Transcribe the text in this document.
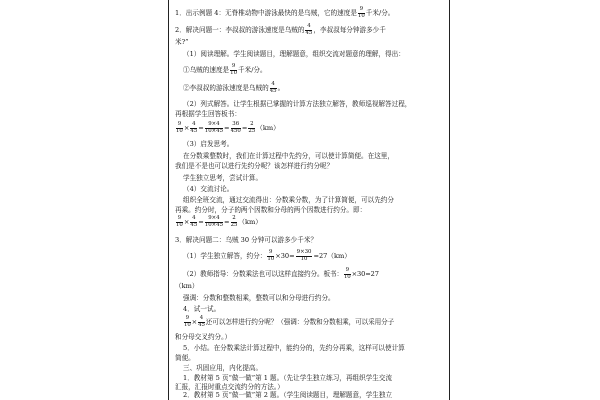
1．出示例题 4：无脊椎动物中游泳最快的是乌贼，它的速度是 $\frac{9}{10}$ 千米/分。
2．解决问题一：李叔叔的游泳速度是乌贼的 $\frac{4}{45}$ ，李叔叔每分钟游多少千
米?”
（1）阅读理解。学生阅读题目，理解题意，组织交流对题意的理解，得出：
①乌贼的速度是 $\frac{9}{10}$ 千米/分。
②李叔叔的游泳速度是乌贼的 $\frac{4}{45}$ 。
（2）列式解答。让学生根据已掌握的计算方法独立解答，教师巡视解答过程，
再根据学生回答板书：
$\frac{9}{10} \times \frac{4}{45} = \frac{9\times 4}{10\times 45} = \frac{36}{450} = \frac{2}{25} (km)$
（3）启发思考。
在分数乘整数时，我们在计算过程中先约分，可以使计算简便。在这里，
我们是不是也可以进行先约分呢？该怎样进行约分呢？
学生独立思考，尝试计算。
（4）交流讨论。
组织全班交流，通过交流得出：分数乘分数，为了计算简便，可以先约分
再乘。约分时，分子的两个因数和分母的两个因数进行约分。即：
$\frac{9}{10} \times \frac{4}{45} = \frac{9\times 4}{10\times 45} = \frac{2}{25} (km)$
3．解决问题二：乌贼 30 分钟可以游多少千米？
（1）学生独立解答，约分： $\frac{9}{10} \times 30= \frac{9\times 30}{10} =27(km)$
（2）教师指导：分数乘法也可以这样直接约分。板书： $\frac{9}{10} \times 30=27$
（km）
强调：分数和整数相乘，整数可以和分母进行约分。
4．试一试。
$\frac{9}{10} \times \frac{4}{45}$ 还可以怎样进行约分呢？（强调：分数和分数相乘，可以采用分子
和分母交叉约分。）
5．小结。在分数乘法计算过程中，能约分的，先约分再乘，这样可以使计算
简便。
三、巩固应用，内化提高。
1．教材第 5 页“做一做”第 1 题。（先让学生独立练习，再组织学生交流
汇报，汇报时重点交流约分的方法。）
2．教材第 5 页“做一做”第 2 题。（学生阅读题目，理解题意，学生独立
